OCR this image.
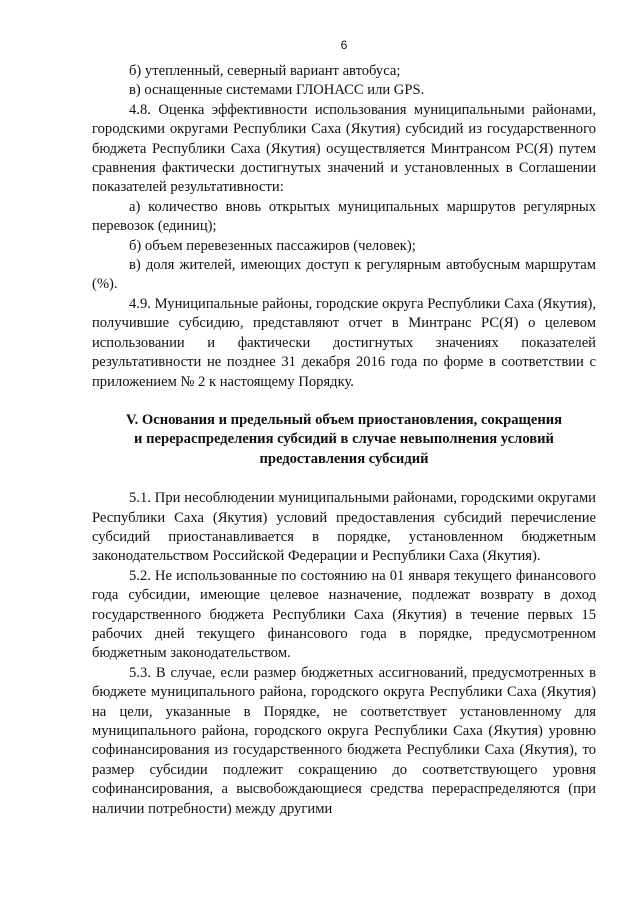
6

б) утепленный, северный вариант автобуса;

в) оснащенные системами ГЛОНАСС или GPS.

4.8. Оценка эффективности использования муниципальными районами, городскими округами Республики Саха (Якутия) субсидий из государственного бюджета Республики Саха (Якутия) осуществляется Минтрансом РС(Я) путем сравнения фактически достигнутых значений и установленных в Соглашении показателей результативности:

а) количество вновь открытых муниципальных маршрутов регулярных перевозок (единиц);

б) объем перевезенных пассажиров (человек);

в) доля жителей, имеющих доступ к регулярным автобусным маршрутам (%).

4.9. Муниципальные районы, городские округа Республики Саха (Якутия), получившие субсидию, представляют отчет в Минтранс РС(Я) о целевом использовании и фактически достигнутых значениях показателей результативности не позднее 31 декабря 2016 года по форме в соответствии с приложением № 2 к настоящему Порядку.

V. Основания и предельный объем приостановления, сокращения
и перераспределения субсидий в случае невыполнения условий
предоставления субсидий

5.1. При несоблюдении муниципальными районами, городскими округами Республики Саха (Якутия) условий предоставления субсидий перечисление субсидий приостанавливается в порядке, установленном бюджетным законодательством Российской Федерации и Республики Саха (Якутия).

5.2. Не использованные по состоянию на 01 января текущего финансового года субсидии, имеющие целевое назначение, подлежат возврату в доход государственного бюджета Республики Саха (Якутия) в течение первых 15 рабочих дней текущего финансового года в порядке, предусмотренном бюджетным законодательством.

5.3. В случае, если размер бюджетных ассигнований, предусмотренных в бюджете муниципального района, городского округа Республики Саха (Якутия) на цели, указанные в Порядке, не соответствует установленному для муниципального района, городского округа Республики Саха (Якутия) уровню софинансирования из государственного бюджета Республики Саха (Якутия), то размер субсидии подлежит сокращению до соответствующего уровня софинансирования, а высвобождающиеся средства перераспределяются (при наличии потребности) между другими
